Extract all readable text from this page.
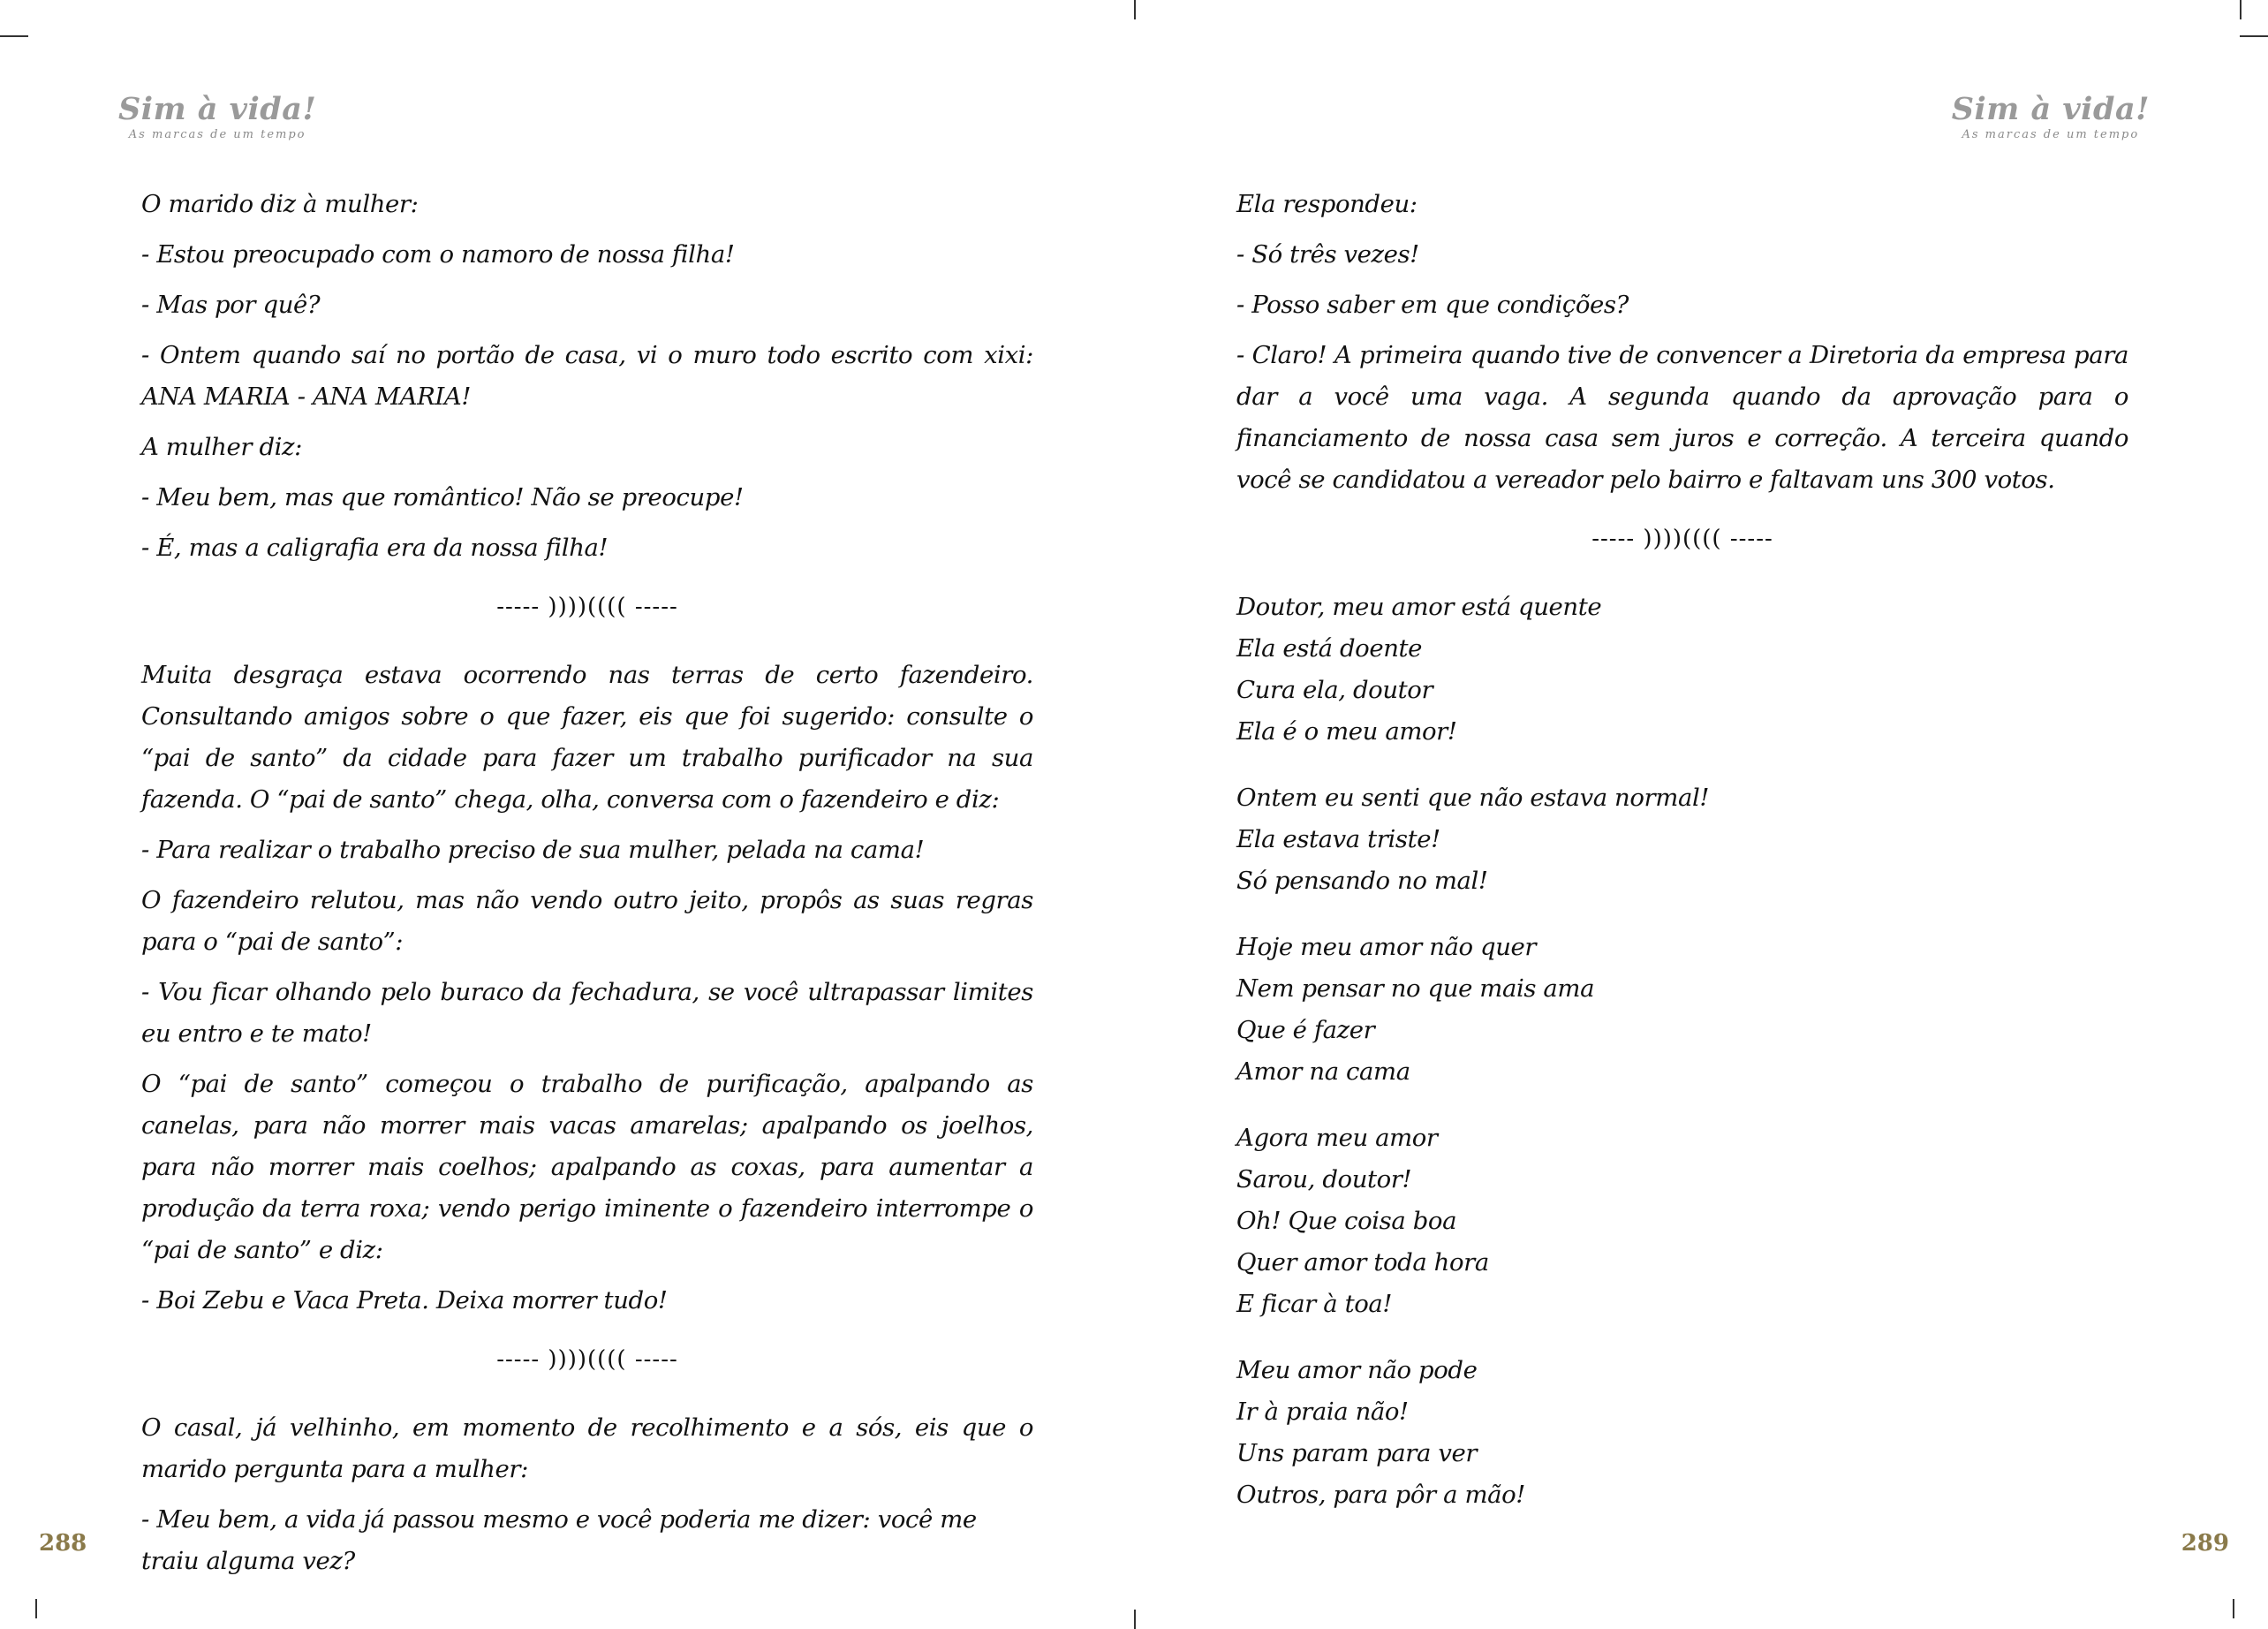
Sim à vida!
As marcas de um tempo

O marido diz à mulher:

- Estou preocupado com o namoro de nossa filha!

- Mas por quê?

- Ontem quando saí no portão de casa, vi o muro todo escrito com xixi: ANA MARIA - ANA MARIA!

A mulher diz:

- Meu bem, mas que romântico! Não se preocupe!

- É, mas a caligrafia era da nossa filha!

----- ))))(((( -----

Muita desgraça estava ocorrendo nas terras de certo fazendeiro. Consultando amigos sobre o que fazer, eis que foi sugerido: consulte o “pai de santo” da cidade para fazer um trabalho purificador na sua fazenda. O “pai de santo” chega, olha, conversa com o fazendeiro e diz:

- Para realizar o trabalho preciso de sua mulher, pelada na cama!

O fazendeiro relutou, mas não vendo outro jeito, propôs as suas regras para o “pai de santo”:

- Vou ficar olhando pelo buraco da fechadura, se você ultrapassar limites eu entro e te mato!

O “pai de santo” começou o trabalho de purificação, apalpando as canelas, para não morrer mais vacas amarelas; apalpando os joelhos, para não morrer mais coelhos; apalpando as coxas, para aumentar a produção da terra roxa; vendo perigo iminente o fazendeiro interrompe o “pai de santo” e diz:

- Boi Zebu e Vaca Preta. Deixa morrer tudo!

----- ))))(((( -----

O casal, já velhinho, em momento de recolhimento e a sós, eis que o marido pergunta para a mulher:

- Meu bem, a vida já passou mesmo e você poderia me dizer: você me traiu alguma vez?

288
Sim à vida!
As marcas de um tempo

Ela respondeu:

- Só três vezes!

- Posso saber em que condições?

- Claro! A primeira quando tive de convencer a Diretoria da empresa para dar a você uma vaga. A segunda quando da aprovação para o financiamento de nossa casa sem juros e correção. A terceira quando você se candidatou a vereador pelo bairro e faltavam uns 300 votos.

----- ))))(((( -----
Doutor, meu amor está quente
Ela está doente
Cura ela, doutor
Ela é o meu amor!
Ontem eu senti que não estava normal!
Ela estava triste!
Só pensando no mal!
Hoje meu amor não quer
Nem pensar no que mais ama
Que é fazer
Amor na cama
Agora meu amor
Sarou, doutor!
Oh! Que coisa boa
Quer amor toda hora
E ficar à toa!
Meu amor não pode
Ir à praia não!
Uns param para ver
Outros, para pôr a mão!
289
